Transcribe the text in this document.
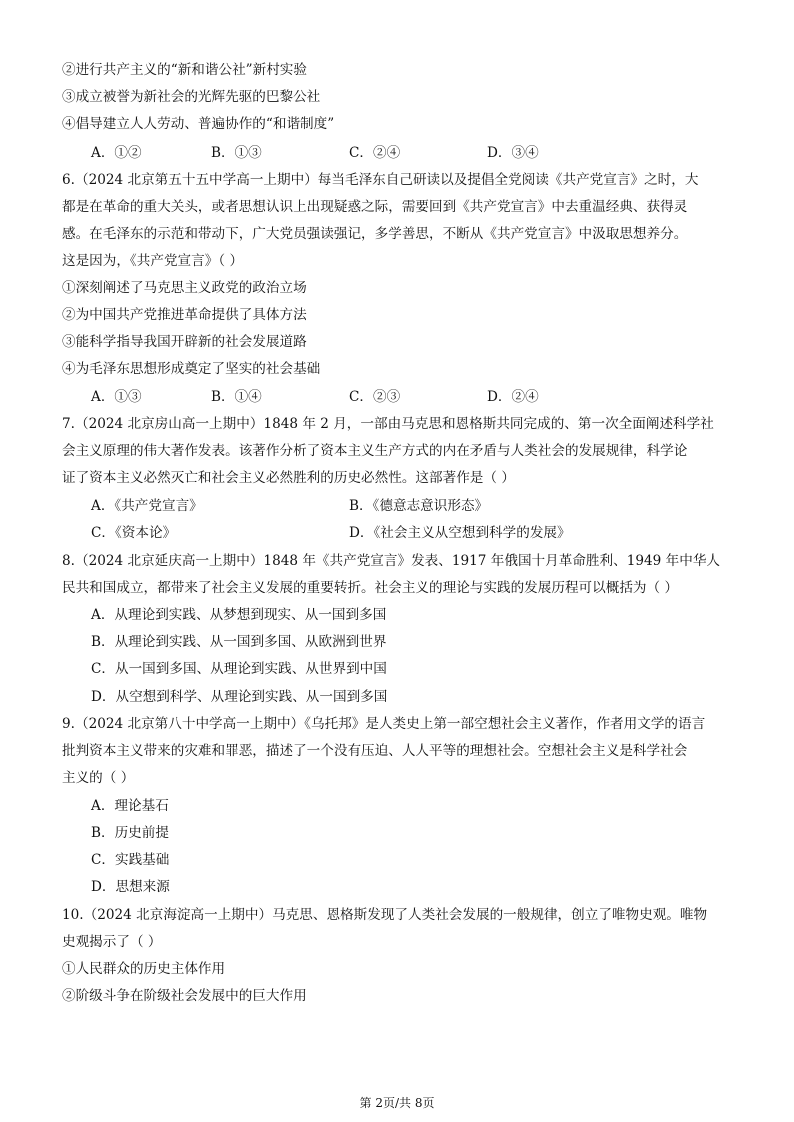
②进行共产主义的“新和谐公社”新村实验
③成立被誉为新社会的光辉先驱的巴黎公社
④倡导建立人人劳动、普遍协作的“和谐制度”
A．①②	B．①③	C．②④	D．③④
6.（2024 北京第五十五中学高一上期中）每当毛泽东自己研读以及提倡全党阅读《共产党宣言》之时，大
都是在革命的重大关头，或者思想认识上出现疑惑之际，需要回到《共产党宣言》中去重温经典、获得灵
感。在毛泽东的示范和带动下，广大党员强读强记，多学善思，不断从《共产党宣言》中汲取思想养分。
这是因为，《共产党宣言》（ ）
①深刻阐述了马克思主义政党的政治立场
②为中国共产党推进革命提供了具体方法
③能科学指导我国开辟新的社会发展道路
④为毛泽东思想形成奠定了坚实的社会基础
A．①③	B．①④	C．②③	D．②④
7.（2024 北京房山高一上期中）1848 年 2 月，一部由马克思和恩格斯共同完成的、第一次全面阐述科学社
会主义原理的伟大著作发表。该著作分析了资本主义生产方式的内在矛盾与人类社会的发展规律，科学论
证了资本主义必然灭亡和社会主义必然胜利的历史必然性。这部著作是（ ）
A．《共产党宣言》	B．《德意志意识形态》
C．《资本论》	D．《社会主义从空想到科学的发展》
8.（2024 北京延庆高一上期中）1848 年《共产党宣言》发表、1917 年俄国十月革命胜利、1949 年中华人
民共和国成立，都带来了社会主义发展的重要转折。社会主义的理论与实践的发展历程可以概括为（ ）
A．从理论到实践、从梦想到现实、从一国到多国
B．从理论到实践、从一国到多国、从欧洲到世界
C．从一国到多国、从理论到实践、从世界到中国
D．从空想到科学、从理论到实践、从一国到多国
9.（2024 北京第八十中学高一上期中）《乌托邦》是人类史上第一部空想社会主义著作，作者用文学的语言
批判资本主义带来的灾难和罪恶，描述了一个没有压迫、人人平等的理想社会。空想社会主义是科学社会
主义的（ ）
A．理论基石
B．历史前提
C．实践基础
D．思想来源
10.（2024 北京海淀高一上期中）马克思、恩格斯发现了人类社会发展的一般规律，创立了唯物史观。唯物
史观揭示了（ ）
①人民群众的历史主体作用
②阶级斗争在阶级社会发展中的巨大作用
第 2页/共 8页
